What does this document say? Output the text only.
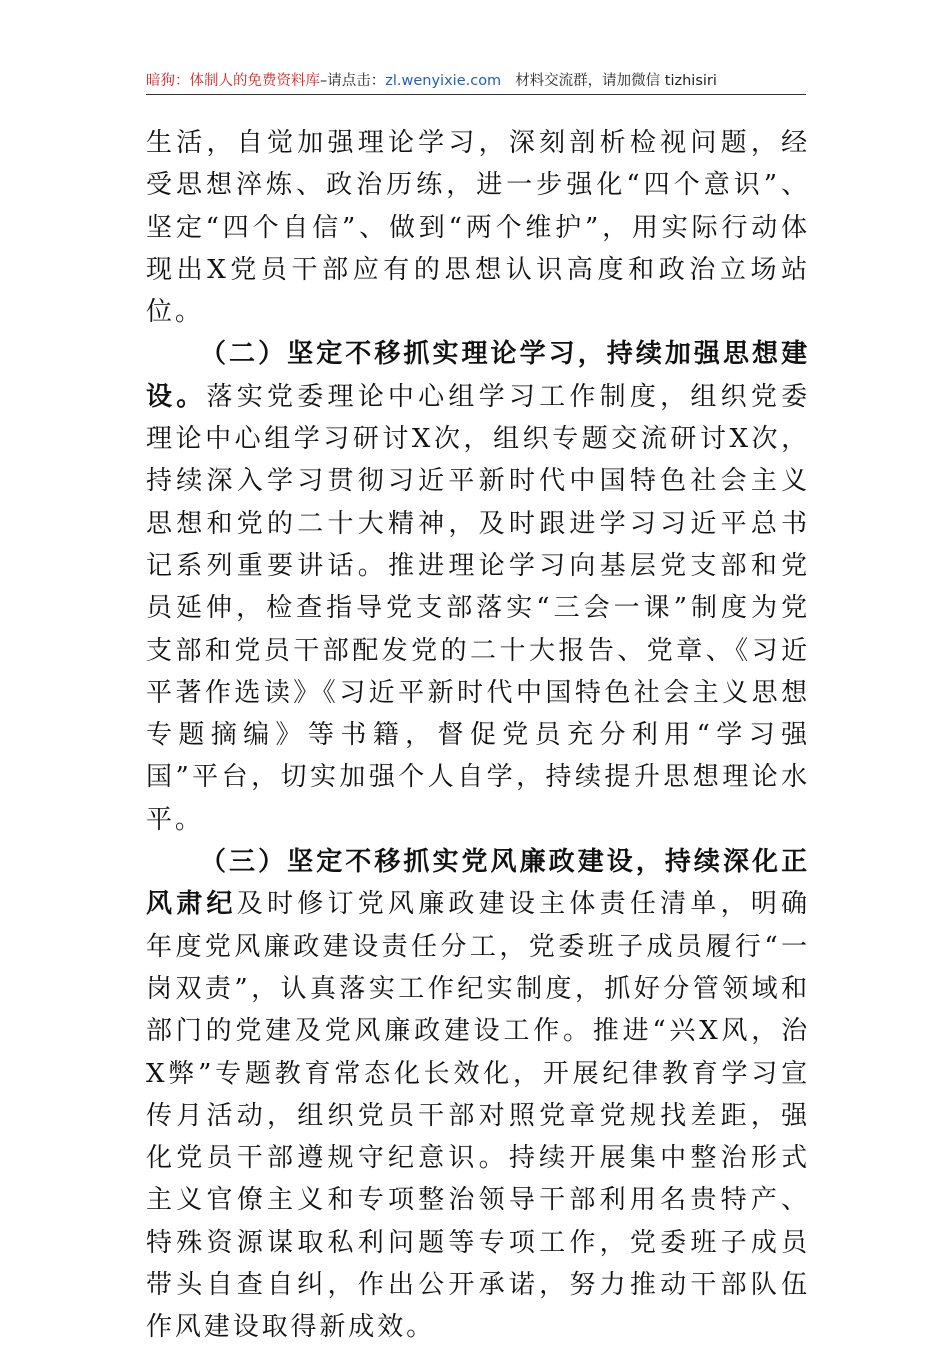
暗狗：体制人的免费资料库–请点击：zl.wenyixie.com 材料交流群，请加微信 tizhisiri

生活，自觉加强理论学习，深刻剖析检视问题，经受思想淬炼、政治历练，进一步强化“四个意识”、坚定“四个自信”、做到“两个维护”，用实际行动体现出X党员干部应有的思想认识高度和政治立场站位。

（二）坚定不移抓实理论学习，持续加强思想建设。落实党委理论中心组学习工作制度，组织党委理论中心组学习研讨X次，组织专题交流研讨X次，持续深入学习贯彻习近平新时代中国特色社会主义思想和党的二十大精神，及时跟进学习习近平总书记系列重要讲话。推进理论学习向基层党支部和党员延伸，检查指导党支部落实“三会一课”制度为党支部和党员干部配发党的二十大报告、党章、《习近平著作选读》《习近平新时代中国特色社会主义思想专题摘编》等书籍，督促党员充分利用“学习强国”平台，切实加强个人自学，持续提升思想理论水平。

（三）坚定不移抓实党风廉政建设，持续深化正风肃纪及时修订党风廉政建设主体责任清单，明确年度党风廉政建设责任分工，党委班子成员履行“一岗双责”，认真落实工作纪实制度，抓好分管领域和部门的党建及党风廉政建设工作。推进“兴X风，治X弊”专题教育常态化长效化，开展纪律教育学习宣传月活动，组织党员干部对照党章党规找差距，强化党员干部遵规守纪意识。持续开展集中整治形式主义官僚主义和专项整治领导干部利用名贵特产、特殊资源谋取私利问题等专项工作，党委班子成员带头自查自纠，作出公开承诺，努力推动干部队伍作风建设取得新成效。
